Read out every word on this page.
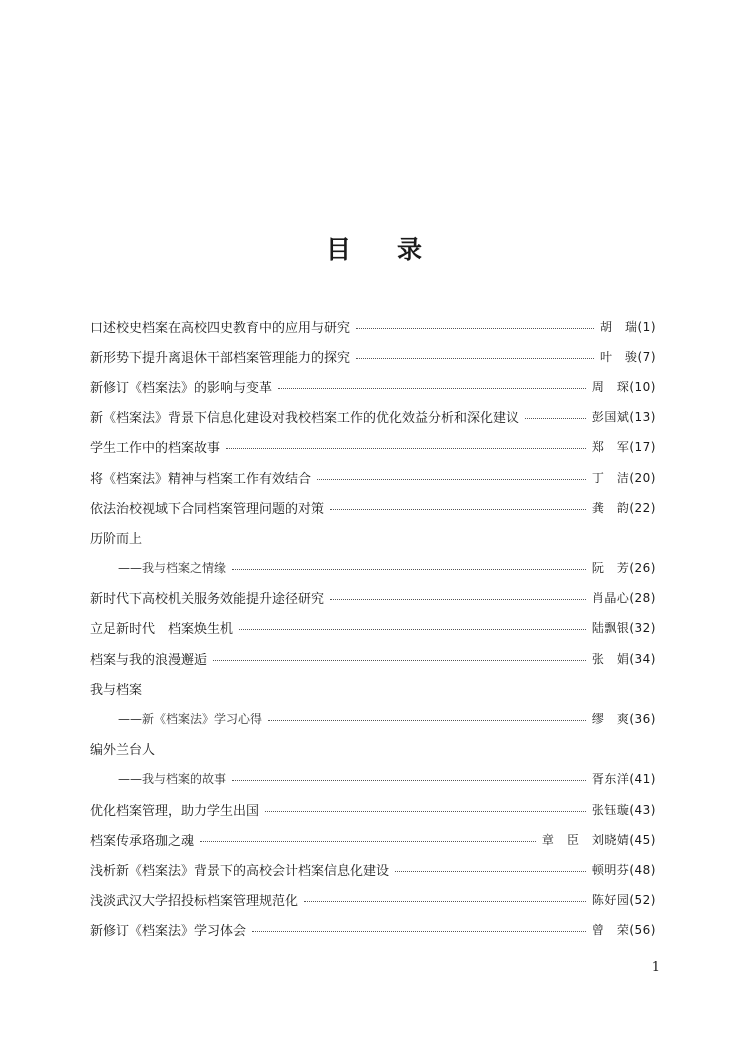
目 录
口述校史档案在高校四史教育中的应用与研究	胡　瑞(1)
新形势下提升离退休干部档案管理能力的探究	叶　骏(7)
新修订《档案法》的影响与变革	周　琛(10)
新《档案法》背景下信息化建设对我校档案工作的优化效益分析和深化建议	彭国斌(13)
学生工作中的档案故事	郑　军(17)
将《档案法》精神与档案工作有效结合	丁　洁(20)
依法治校视域下合同档案管理问题的对策	龚　韵(22)
历阶而上
——我与档案之情缘	阮　芳(26)
新时代下高校机关服务效能提升途径研究	肖晶心(28)
立足新时代　档案焕生机	陆飘银(32)
档案与我的浪漫邂逅	张　娟(34)
我与档案
——新《档案法》学习心得	缪　爽(36)
编外兰台人
——我与档案的故事	胥东洋(41)
优化档案管理，助力学生出国	张钰璇(43)
档案传承珞珈之魂	章　臣　刘晓婧(45)
浅析新《档案法》背景下的高校会计档案信息化建设	顿明芬(48)
浅淡武汉大学招投标档案管理规范化	陈好园(52)
新修订《档案法》学习体会	曾　荣(56)
1
